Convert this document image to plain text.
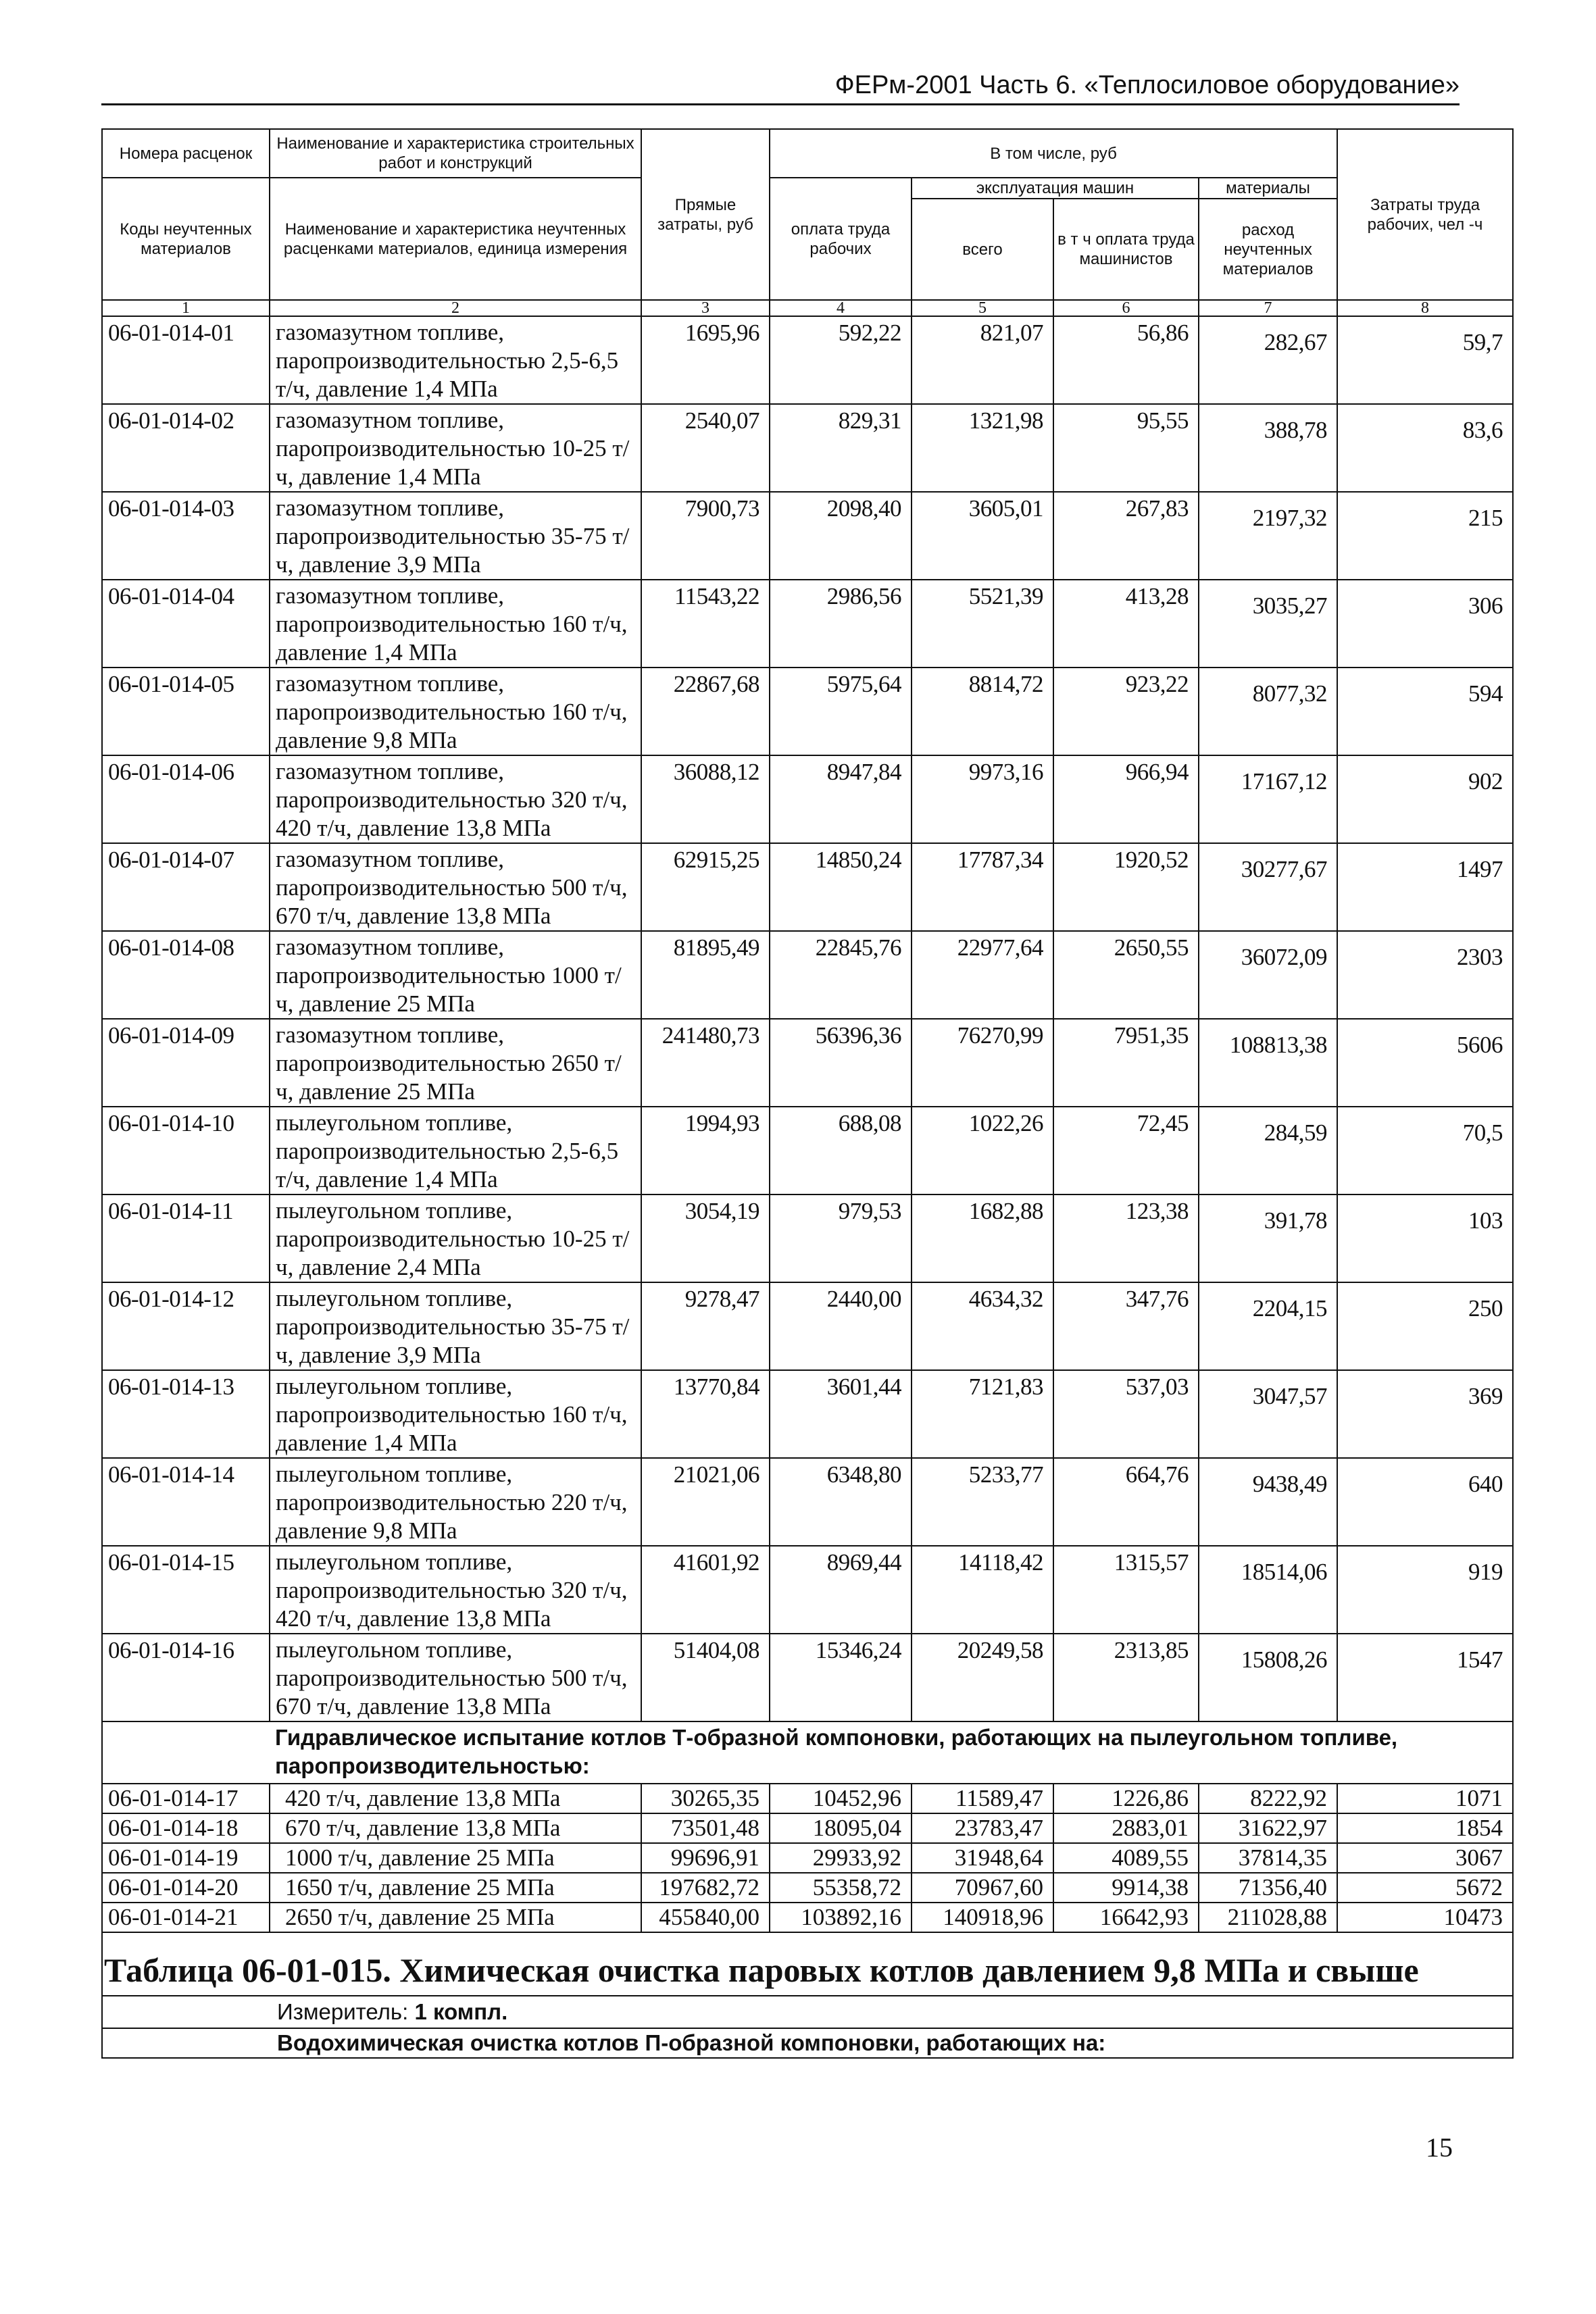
ФЕРм-2001 Часть 6. «Теплосиловое оборудование»
Номера расценок	Наименование и характеристика строительных работ и конструкций	Прямые затраты, руб	В том числе, руб				Затраты труда рабочих, чел -ч
Коды неучтенных материалов	Наименование и характеристика неучтенных расценками материалов, единица измерения		оплата труда рабочих	эксплуатация машин		материалы	
				всего	в т ч оплата труда машинистов	расход неучтенных материалов	
1	2	3	4	5	6	7	8
06-01-014-01	газомазутном топливе, паропроизводительностью 2,5-6,5 т/ч, давление 1,4 МПа	1695,96	592,22	821,07	56,86	282,67	59,7
06-01-014-02	газомазутном топливе, паропроизводительностью 10-25 т/ч, давление 1,4 МПа	2540,07	829,31	1321,98	95,55	388,78	83,6
06-01-014-03	газомазутном топливе, паропроизводительностью 35-75 т/ч, давление 3,9 МПа	7900,73	2098,40	3605,01	267,83	2197,32	215
06-01-014-04	газомазутном топливе, паропроизводительностью 160 т/ч, давление 1,4 МПа	11543,22	2986,56	5521,39	413,28	3035,27	306
06-01-014-05	газомазутном топливе, паропроизводительностью 160 т/ч, давление 9,8 МПа	22867,68	5975,64	8814,72	923,22	8077,32	594
06-01-014-06	газомазутном топливе, паропроизводительностью 320 т/ч, 420 т/ч, давление 13,8 МПа	36088,12	8947,84	9973,16	966,94	17167,12	902
06-01-014-07	газомазутном топливе, паропроизводительностью 500 т/ч, 670 т/ч, давление 13,8 МПа	62915,25	14850,24	17787,34	1920,52	30277,67	1497
06-01-014-08	газомазутном топливе, паропроизводительностью 1000 т/ч, давление 25 МПа	81895,49	22845,76	22977,64	2650,55	36072,09	2303
06-01-014-09	газомазутном топливе, паропроизводительностью 2650 т/ч, давление 25 МПа	241480,73	56396,36	76270,99	7951,35	108813,38	5606
06-01-014-10	пылеугольном топливе, паропроизводительностью 2,5-6,5 т/ч, давление 1,4 МПа	1994,93	688,08	1022,26	72,45	284,59	70,5
06-01-014-11	пылеугольном топливе, паропроизводительностью 10-25 т/ч, давление 2,4 МПа	3054,19	979,53	1682,88	123,38	391,78	103
06-01-014-12	пылеугольном топливе, паропроизводительностью 35-75 т/ч, давление 3,9 МПа	9278,47	2440,00	4634,32	347,76	2204,15	250
06-01-014-13	пылеугольном топливе, паропроизводительностью 160 т/ч, давление 1,4 МПа	13770,84	3601,44	7121,83	537,03	3047,57	369
06-01-014-14	пылеугольном топливе, паропроизводительностью 220 т/ч, давление 9,8 МПа	21021,06	6348,80	5233,77	664,76	9438,49	640
06-01-014-15	пылеугольном топливе, паропроизводительностью 320 т/ч, 420 т/ч, давление 13,8 МПа	41601,92	8969,44	14118,42	1315,57	18514,06	919
06-01-014-16	пылеугольном топливе, паропроизводительностью 500 т/ч, 670 т/ч, давление 13,8 МПа	51404,08	15346,24	20249,58	2313,85	15808,26	1547
Гидравлическое испытание котлов Т-образной компоновки, работающих на пылеугольном топливе, паропроизводительностью:							
06-01-014-17	420 т/ч, давление 13,8 МПа	30265,35	10452,96	11589,47	1226,86	8222,92	1071
06-01-014-18	670 т/ч, давление 13,8 МПа	73501,48	18095,04	23783,47	2883,01	31622,97	1854
06-01-014-19	1000 т/ч, давление 25 МПа	99696,91	29933,92	31948,64	4089,55	37814,35	3067
06-01-014-20	1650 т/ч, давление 25 МПа	197682,72	55358,72	70967,60	9914,38	71356,40	5672
06-01-014-21	2650 т/ч, давление 25 МПа	455840,00	103892,16	140918,96	16642,93	211028,88	10473
Таблица 06-01-015. Химическая очистка паровых котлов давлением 9,8 МПа и свыше							
Измеритель: 1 компл.							
Водохимическая очистка котлов П-образной компоновки, работающих на:							
15
